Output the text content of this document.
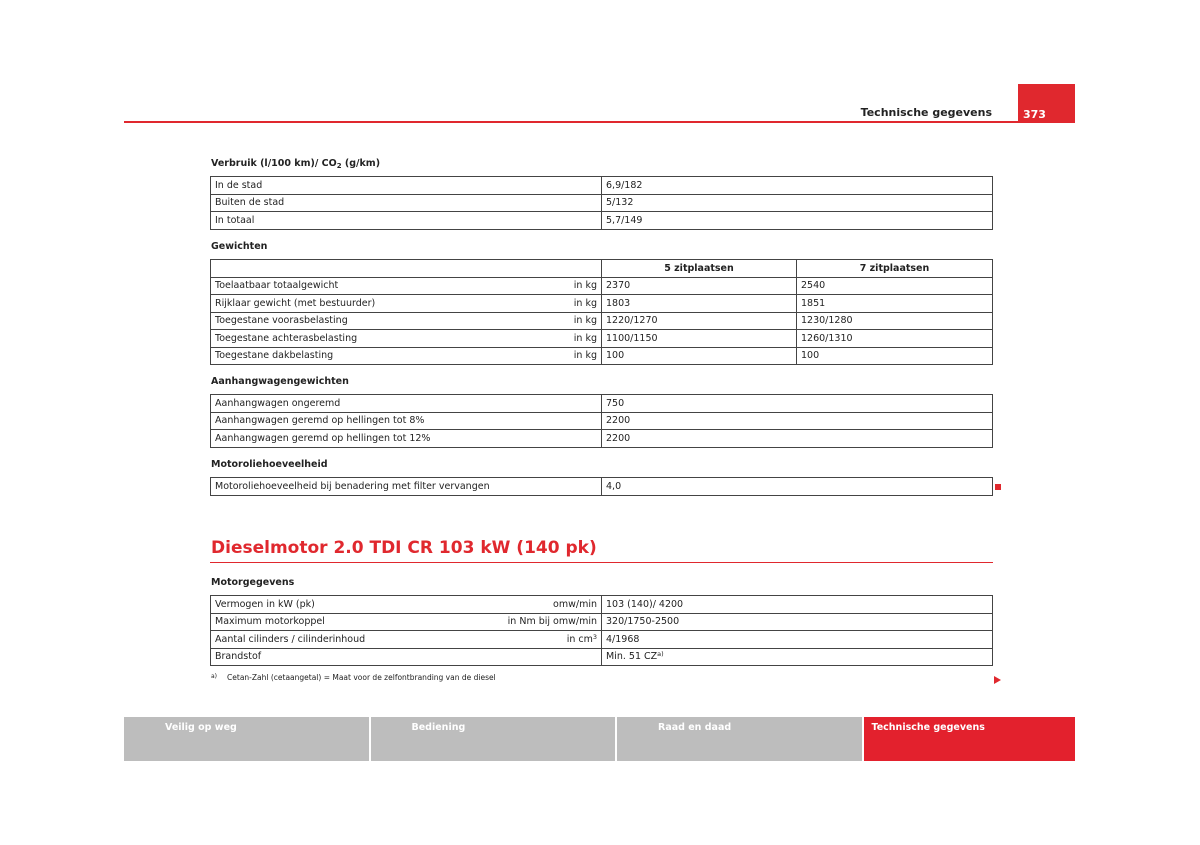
Technische gegevens	373
Verbruik (l/100 km)/ $CO_2$ (g/km)
In de stad	6,9/182
Buiten de stad	5/132
In totaal	5,7/149
Gewichten
	5 zitplaatsen	7 zitplaatsen

Toelaatbaar totaalgewicht in kg	2370	2540

Rijklaar gewicht (met bestuurder) in kg	1803	1851

Toegestane voorasbelasting in kg	1220/1270	1230/1280

Toegestane achterasbelasting in kg	1100/1150	1260/1310

Toegestane dakbelasting in kg	100	100
Aanhangwagengewichten
Aanhangwagen ongeremd	750
Aanhangwagen geremd op hellingen tot 8%	2200
Aanhangwagen geremd op hellingen tot 12%	2200
Motoroliehoeveelheid
Motoroliehoeveelheid bij benadering met filter vervangen	4,0
Dieselmotor 2.0 TDI CR 103 kW (140 pk)
Motorgegevens
Vermogen in kW (pk) omw/min	103 (140)/ 4200

Maximum motorkoppel in Nm bij omw/min	320/1750-2500

Aantal cilinders / cilinderinhoud in $cm^3$	4/1968

Brandstof	Min. 51 CZ$^{a)}$
$^{a)}$ Cetan-Zahl (cetaangetal) = Maat voor de zelfontbranding van de diesel
Veilig op weg	Bediening	Raad en daad	Technische gegevens
